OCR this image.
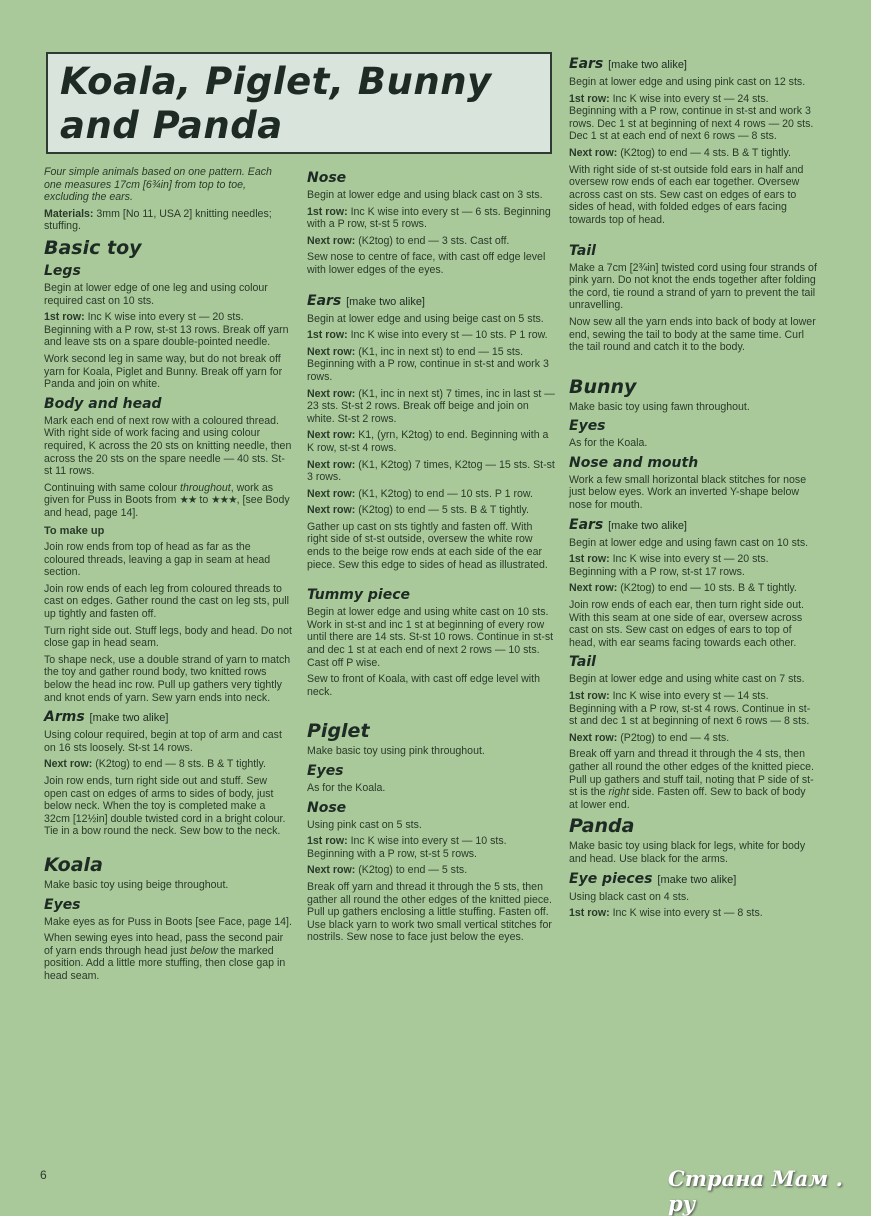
Koala, Piglet, Bunny
and Panda

Four simple animals based on one pattern. Each one measures 17cm [6¾in] from top to toe, excluding the ears.

Materials: 3mm [No 11, USA 2] knitting needles; stuffing.

Basic toy
Legs

Begin at lower edge of one leg and using colour required cast on 10 sts.

1st row: Inc K wise into every st — 20 sts. Beginning with a P row, st-st 13 rows. Break off yarn and leave sts on a spare double-pointed needle.

Work second leg in same way, but do not break off yarn for Koala, Piglet and Bunny. Break off yarn for Panda and join on white.

Body and head

Mark each end of next row with a coloured thread. With right side of work facing and using colour required, K across the 20 sts on knitting needle, then across the 20 sts on the spare needle — 40 sts. St-st 11 rows.

Continuing with same colour throughout, work as given for Puss in Boots from ★★ to ★★★, [see Body and head, page 14].

To make up

Join row ends from top of head as far as the coloured threads, leaving a gap in seam at head section.

Join row ends of each leg from coloured threads to cast on edges. Gather round the cast on leg sts, pull up tightly and fasten off.

Turn right side out. Stuff legs, body and head. Do not close gap in head seam.

To shape neck, use a double strand of yarn to match the toy and gather round body, two knitted rows below the head inc row. Pull up gathers very tightly and knot ends of yarn. Sew yarn ends into neck.

Arms [make two alike]

Using colour required, begin at top of arm and cast on 16 sts loosely. St-st 14 rows.

Next row: (K2tog) to end — 8 sts. B & T tightly.

Join row ends, turn right side out and stuff. Sew open cast on edges of arms to sides of body, just below neck. When the toy is completed make a 32cm [12½in] double twisted cord in a bright colour. Tie in a bow round the neck. Sew bow to the neck.

Koala

Make basic toy using beige throughout.

Eyes

Make eyes as for Puss in Boots [see Face, page 14].

When sewing eyes into head, pass the second pair of yarn ends through head just below the marked position. Add a little more stuffing, then close gap in head seam.

Nose

Begin at lower edge and using black cast on 3 sts.

1st row: Inc K wise into every st — 6 sts. Beginning with a P row, st-st 5 rows.

Next row: (K2tog) to end — 3 sts. Cast off.

Sew nose to centre of face, with cast off edge level with lower edges of the eyes.

Ears [make two alike]

Begin at lower edge and using beige cast on 5 sts.

1st row: Inc K wise into every st — 10 sts. P 1 row.

Next row: (K1, inc in next st) to end — 15 sts. Beginning with a P row, continue in st-st and work 3 rows.

Next row: (K1, inc in next st) 7 times, inc in last st — 23 sts. St-st 2 rows. Break off beige and join on white. St-st 2 rows.

Next row: K1, (yrn, K2tog) to end. Beginning with a K row, st-st 4 rows.

Next row: (K1, K2tog) 7 times, K2tog — 15 sts. St-st 3 rows.

Next row: (K1, K2tog) to end — 10 sts. P 1 row.

Next row: (K2tog) to end — 5 sts. B & T tightly.

Gather up cast on sts tightly and fasten off. With right side of st-st outside, oversew the white row ends to the beige row ends at each side of the ear piece. Sew this edge to sides of head as illustrated.

Tummy piece

Begin at lower edge and using white cast on 10 sts. Work in st-st and inc 1 st at beginning of every row until there are 14 sts. St-st 10 rows. Continue in st-st and dec 1 st at each end of next 2 rows — 10 sts. Cast off P wise.

Sew to front of Koala, with cast off edge level with neck.

Piglet

Make basic toy using pink throughout.

Eyes

As for the Koala.

Nose

Using pink cast on 5 sts.

1st row: Inc K wise into every st — 10 sts. Beginning with a P row, st-st 5 rows.

Next row: (K2tog) to end — 5 sts.

Break off yarn and thread it through the 5 sts, then gather all round the other edges of the knitted piece. Pull up gathers enclosing a little stuffing. Fasten off. Use black yarn to work two small vertical stitches for nostrils. Sew nose to face just below the eyes.

Ears [make two alike]

Begin at lower edge and using pink cast on 12 sts.

1st row: Inc K wise into every st — 24 sts. Beginning with a P row, continue in st-st and work 3 rows. Dec 1 st at beginning of next 4 rows — 20 sts. Dec 1 st at each end of next 6 rows — 8 sts.

Next row: (K2tog) to end — 4 sts. B & T tightly.

With right side of st-st outside fold ears in half and oversew row ends of each ear together. Oversew across cast on sts. Sew cast on edges of ears to sides of head, with folded edges of ears facing towards top of head.

Tail

Make a 7cm [2¾in] twisted cord using four strands of pink yarn. Do not knot the ends together after folding the cord, tie round a strand of yarn to prevent the tail unravelling.

Now sew all the yarn ends into back of body at lower end, sewing the tail to body at the same time. Curl the tail round and catch it to the body.

Bunny

Make basic toy using fawn throughout.

Eyes

As for the Koala.

Nose and mouth

Work a few small horizontal black stitches for nose just below eyes. Work an inverted Y-shape below nose for mouth.

Ears [make two alike]

Begin at lower edge and using fawn cast on 10 sts.

1st row: Inc K wise into every st — 20 sts. Beginning with a P row, st-st 17 rows.

Next row: (K2tog) to end — 10 sts. B & T tightly.

Join row ends of each ear, then turn right side out. With this seam at one side of ear, oversew across cast on sts. Sew cast on edges of ears to top of head, with ear seams facing towards each other.

Tail

Begin at lower edge and using white cast on 7 sts.

1st row: Inc K wise into every st — 14 sts. Beginning with a P row, st-st 4 rows. Continue in st-st and dec 1 st at beginning of next 6 rows — 8 sts.

Next row: (P2tog) to end — 4 sts.

Break off yarn and thread it through the 4 sts, then gather all round the other edges of the knitted piece. Pull up gathers and stuff tail, noting that P side of st-st is the right side. Fasten off. Sew to back of body at lower end.

Panda

Make basic toy using black for legs, white for body and head. Use black for the arms.

Eye pieces [make two alike]

Using black cast on 4 sts.

1st row: Inc K wise into every st — 8 sts.

6	Страна Мам . ру
